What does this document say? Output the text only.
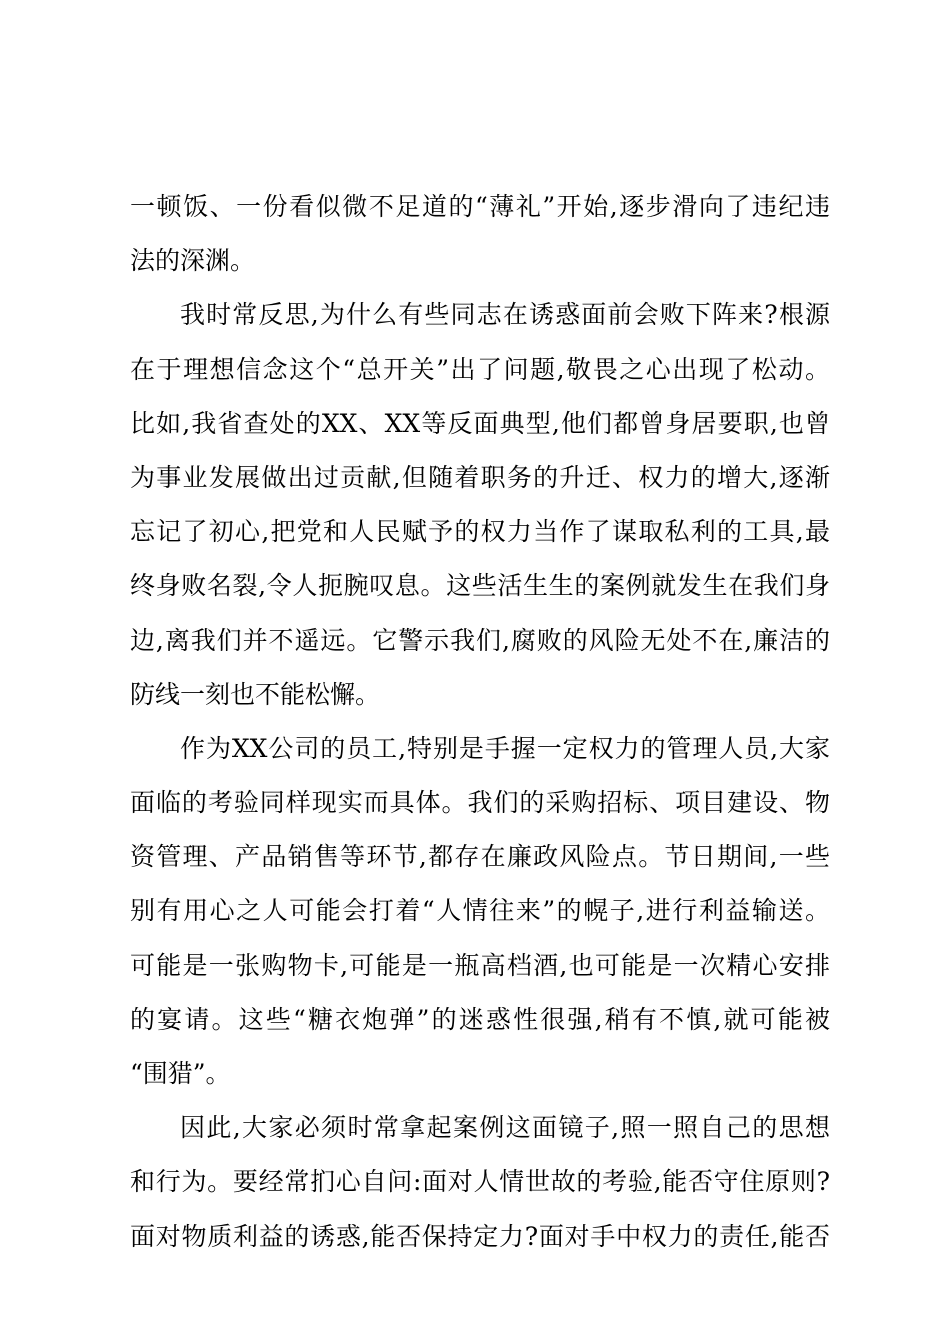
一顿饭、一份看似微不足道的“薄礼”开始,逐步滑向了违纪违
法的深渊。
我时常反思,为什么有些同志在诱惑面前会败下阵来?根源
在于理想信念这个“总开关”出了问题,敬畏之心出现了松动。
比如,我省查处的XX、XX等反面典型,他们都曾身居要职,也曾
为事业发展做出过贡献,但随着职务的升迁、权力的增大,逐渐
忘记了初心,把党和人民赋予的权力当作了谋取私利的工具,最
终身败名裂,令人扼腕叹息。这些活生生的案例就发生在我们身
边,离我们并不遥远。它警示我们,腐败的风险无处不在,廉洁的
防线一刻也不能松懈。
作为XX公司的员工,特别是手握一定权力的管理人员,大家
面临的考验同样现实而具体。我们的采购招标、项目建设、物
资管理、产品销售等环节,都存在廉政风险点。节日期间,一些
别有用心之人可能会打着“人情往来”的幌子,进行利益输送。
可能是一张购物卡,可能是一瓶高档酒,也可能是一次精心安排
的宴请。这些“糖衣炮弹”的迷惑性很强,稍有不慎,就可能被
“围猎”。
因此,大家必须时常拿起案例这面镜子,照一照自己的思想
和行为。要经常扪心自问:面对人情世故的考验,能否守住原则?
面对物质利益的诱惑,能否保持定力?面对手中权力的责任,能否
